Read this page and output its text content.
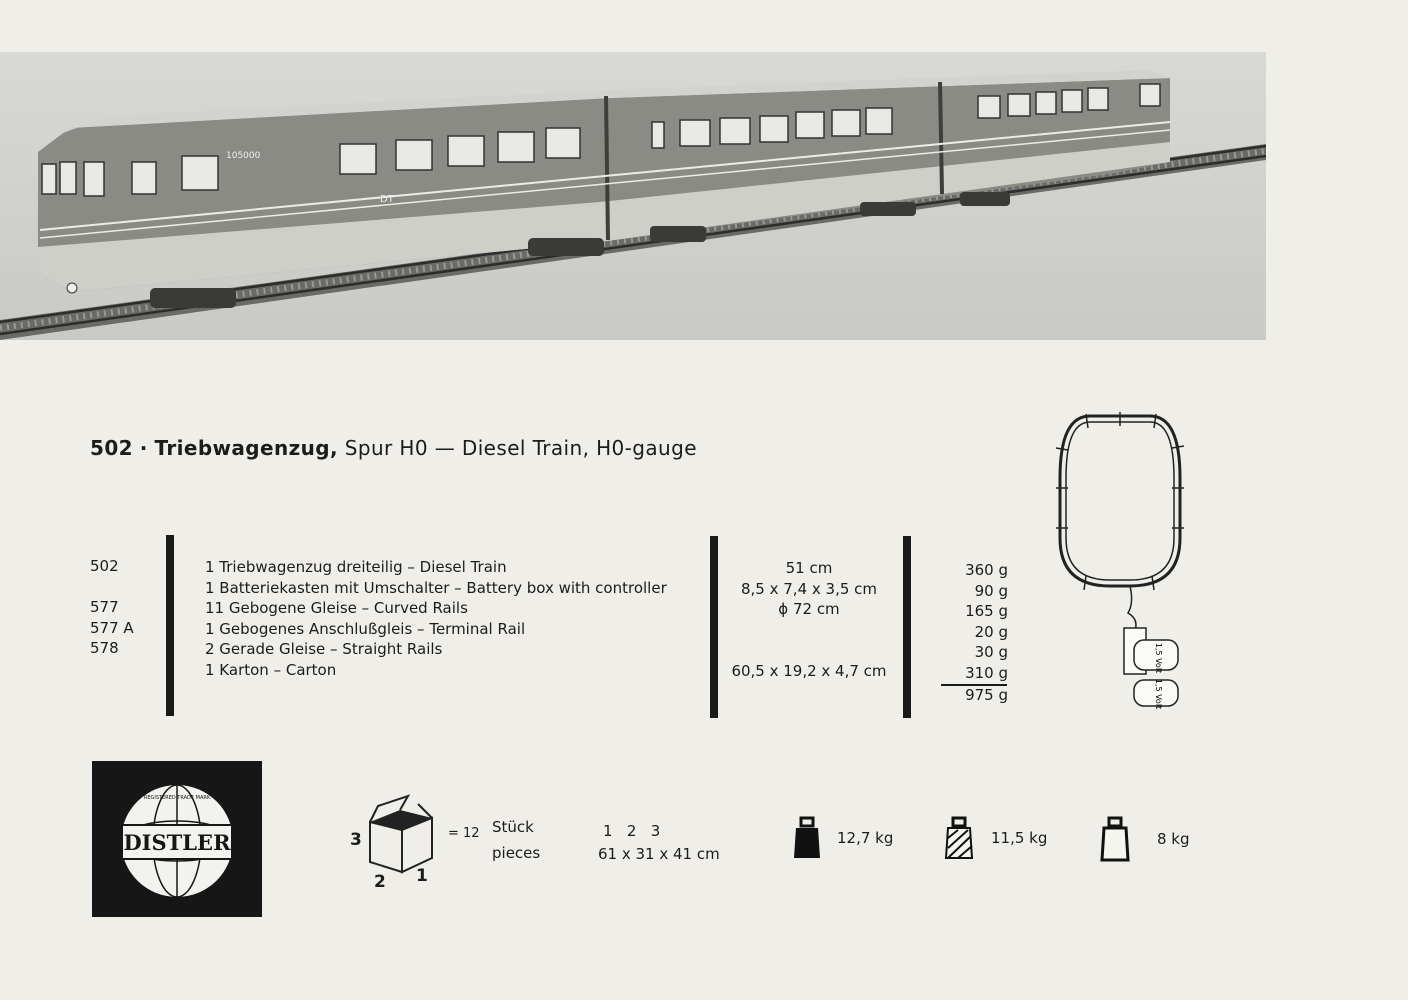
105000
DT
502 · Triebwagenzug, Spur H0 — Diesel Train, H0-gauge
502
577
577 A
578
1 Triebwagenzug dreiteilig – Diesel Train
1 Batteriekasten mit Umschalter – Battery box with controller
11 Gebogene Gleise – Curved Rails
1 Gebogenes Anschlußgleis – Terminal Rail
2 Gerade Gleise – Straight Rails
1 Karton – Carton
51 cm
8,5 x 7,4 x 3,5 cm
ϕ 72 cm
60,5 x 19,2 x 4,7 cm
360 g
90 g
165 g
20 g
30 g
310 g
975 g
1,5 Volt
1,5 Volt
DISTLER
REGISTERED TRADE MARK
3
2 1
= 12 Stück
pieces
1   2   3
61 x 31 x 41 cm
12,7 kg	11,5 kg	8 kg
